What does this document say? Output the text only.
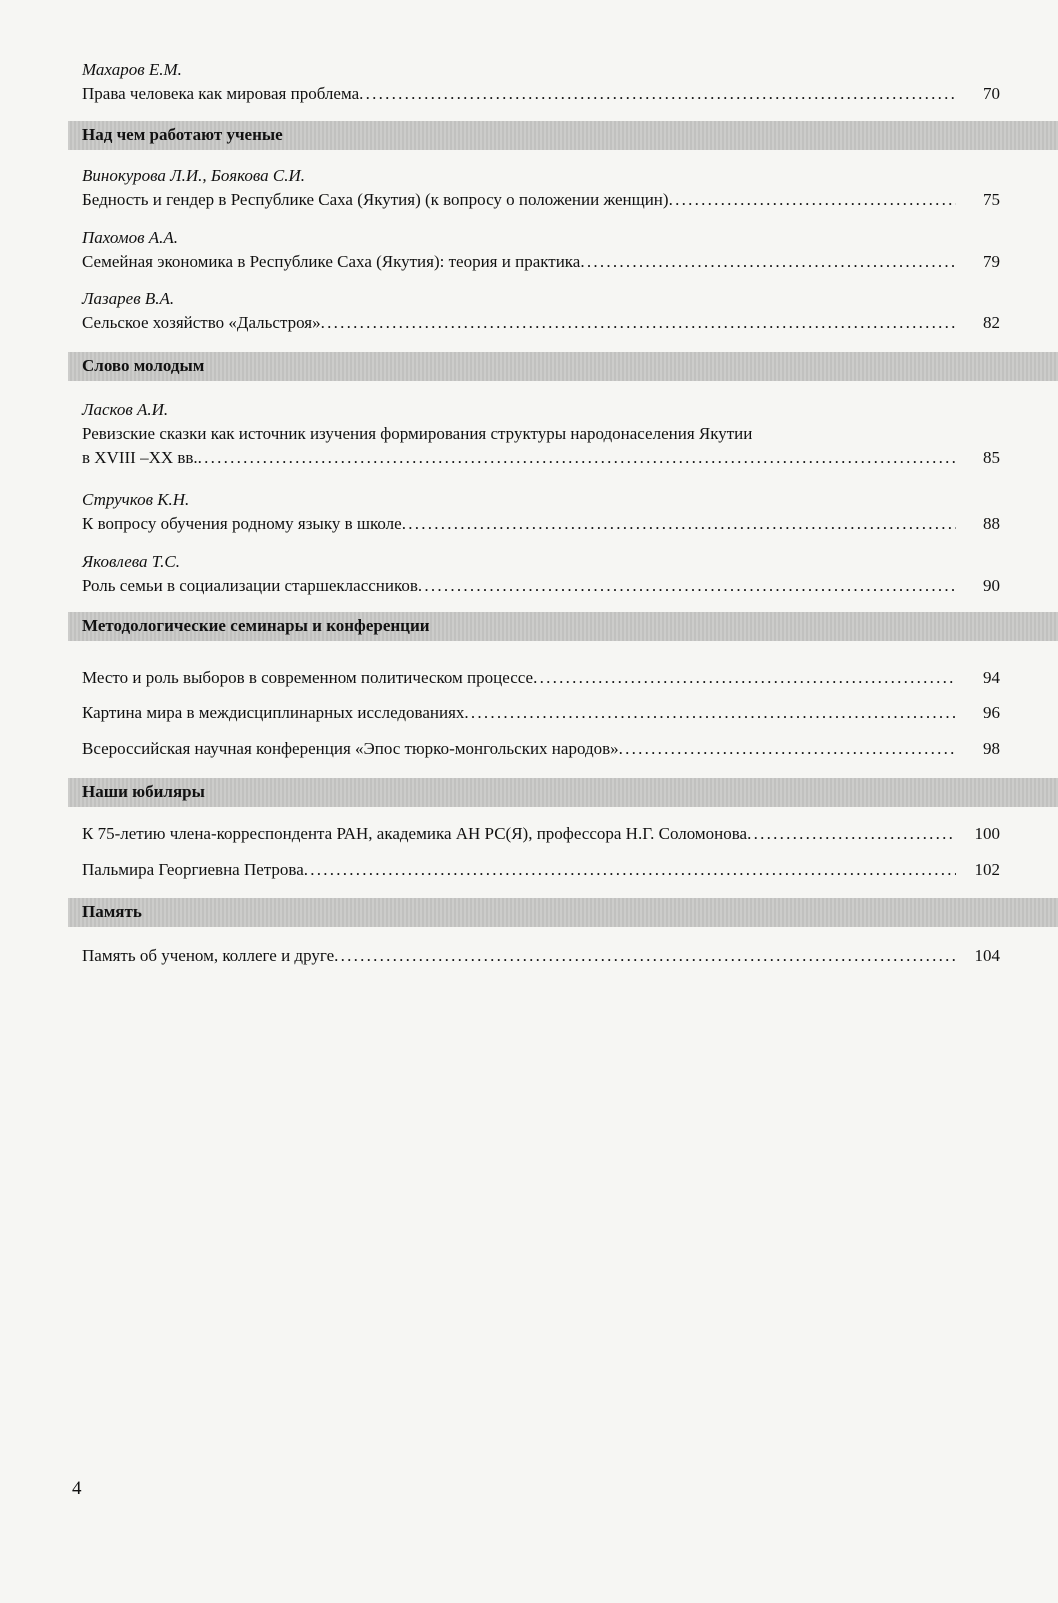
Махаров Е.М.
Права человека как мировая проблема . . .	70
Над чем работают ученые
Винокурова Л.И., Боякова С.И.
Бедность и гендер в Республике Саха (Якутия) (к вопросу о положении женщин) . . .	75
Пахомов А.А.
Семейная экономика в Республике Саха (Якутия): теория и практика . . .	79
Лазарев В.А.
Сельское хозяйство «Дальстроя» . . .	82
Слово молодым
Ласков А.И.
Ревизские сказки как источник изучения формирования структуры народонаселения Якутии
в XVIII –XX вв. . . .	85
Стручков К.Н.
К вопросу обучения родному языку в школе . . .	88
Яковлева Т.С.
Роль семьи в социализации старшеклассников . . .	90
Методологические семинары и конференции
Место и роль выборов в современном политическом процессе . . .	94
Картина мира в междисциплинарных исследованиях . . .	96
Всероссийская научная конференция «Эпос тюрко-монгольских народов» . . .	98
Наши юбиляры
К 75-летию члена-корреспондента РАН, академика АН РС(Я), профессора Н.Г. Соломонова . . .	100
Пальмира Георгиевна Петрова . . .	102
Память
Память об ученом, коллеге и друге . . .	104
4
